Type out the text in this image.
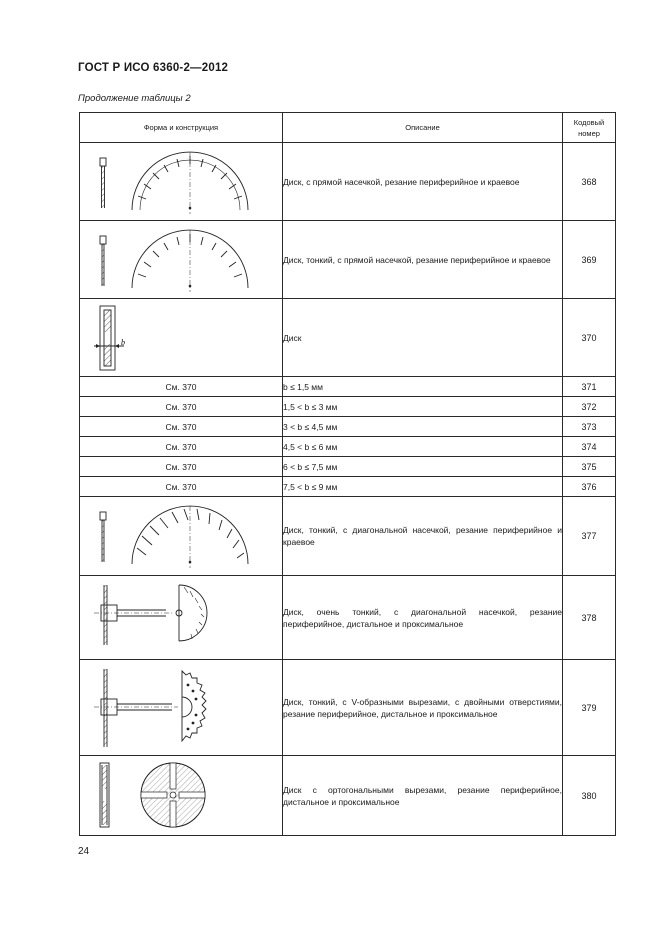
ГОСТ Р ИСО 6360-2—2012
Продолжение таблицы 2
Форма и конструкция	Описание	Кодовый номер

	Диск, с прямой насечкой, резание периферийное и краевое	368

	Диск, тонкий, с прямой насечкой, резание периферийное и краевое	369

b	Диск	370
См. 370	b ≤ 1,5 мм	371
См. 370	1,5 < b ≤ 3 мм	372
См. 370	3 < b ≤ 4,5 мм	373
См. 370	4,5 < b ≤ 6 мм	374
См. 370	6 < b ≤ 7,5 мм	375
См. 370	7,5 < b ≤ 9 мм	376

	Диск, тонкий, с диагональной насечкой, резание периферийное и краевое	377

	Диск, очень тонкий, с диагональной насечкой, резание периферийное, дистальное и проксимальное	378

	Диск, тонкий, с V-образными вырезами, с двойными отверстиями, резание периферийное, дистальное и проксимальное	379

	Диск с ортогональными вырезами, резание периферийное, дистальное и проксимальное	380
24
